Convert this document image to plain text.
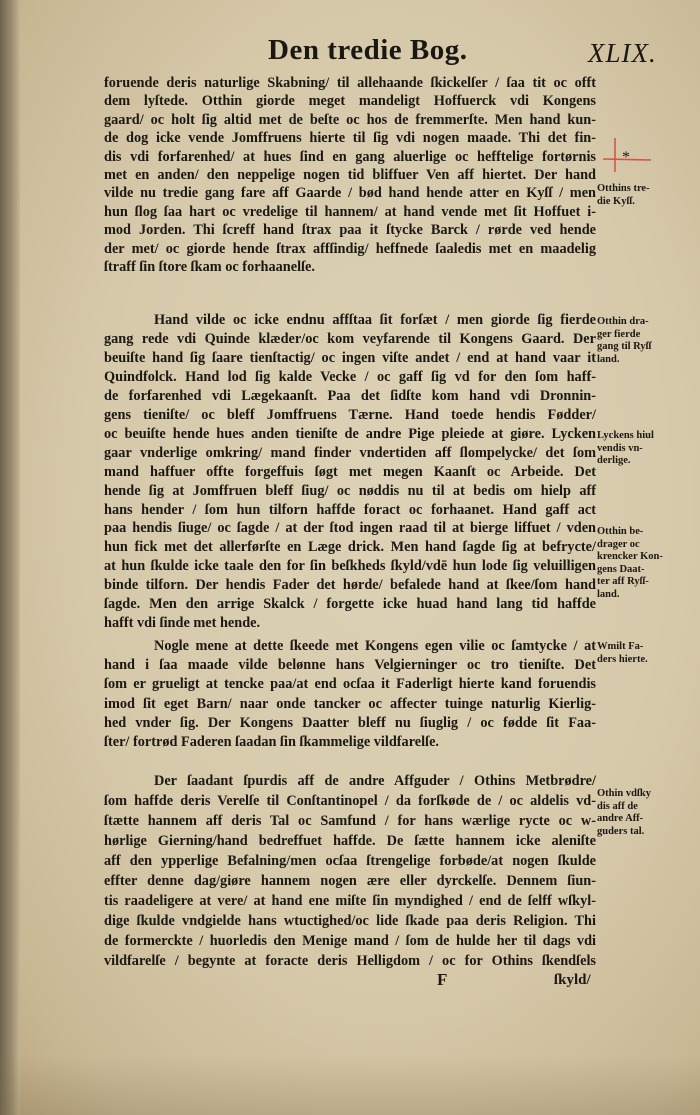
Den tredie Bog.	XLIX.
foruende deris naturlige Skabning/ til allehaande ſkickelſer / ſaa tit oc offt
dem lyſtede. Otthin giorde meget mandeligt Hoffuerck vdi Kongens
gaard/ oc holt ſig altid met de beſte oc hos de fremmerſte. Men hand kun-
de dog icke vende Jomffruens hierte til ſig vdi nogen maade. Thi det fin-
dis vdi forfarenhed/ at hues ſind en gang aluerlige oc hefftelige fortørnis
met en anden/ den neppelige nogen tid bliffuer Ven aff hiertet. Der hand
vilde nu tredie gang fare aff Gaarde / bød hand hende atter en Kyſſ / men
hun ſlog ſaa hart oc vredelige til hannem/ at hand vende met ſit Hoffuet i-
mod Jorden. Thi ſcreff hand ſtrax paa it ſtycke Barck / rørde ved hende
der met/ oc giorde hende ſtrax affſindig/ heffnede ſaaledis met en maadelig
ſtraff ſin ſtore ſkam oc forhaanelſe.
Hand vilde oc icke endnu affſtaa ſit forſæt / men giorde ſig fierde
gang rede vdi Quinde klæder/oc kom veyfarende til Kongens Gaard. Der
beuiſte hand ſig ſaare tienſtactig/ oc ingen viſte andet / end at hand vaar it
Quindfolck. Hand lod ſig kalde Vecke / oc gaff ſig vd for den ſom haff-
de forfarenhed vdi Lægekaanſt. Paa det ſidſte kom hand vdi Dronnin-
gens tieniſte/ oc bleff Jomffruens Tærne. Hand toede hendis Fødder/
oc beuiſte hende hues anden tieniſte de andre Pige pleiede at giøre. Lycken
gaar vnderlige omkring/ mand finder vndertiden aff ſlompelycke/ det ſom
mand haffuer offte forgeffuis ſøgt met megen Kaanſt oc Arbeide. Det
hende ſig at Jomffruen bleff ſiug/ oc nøddis nu til at bedis om hielp aff
hans hender / ſom hun tilforn haffde foract oc forhaanet. Hand gaff act
paa hendis ſiuge/ oc ſagde / at der ſtod ingen raad til at bierge liffuet / vden
hun fick met det allerførſte en Læge drick. Men hand ſagde ſig at befrycte/
at hun ſkulde icke taale den for ſin beſkheds ſkyld/vdē hun lode ſig veluilligen
binde tilforn. Der hendis Fader det hørde/ befalede hand at ſkee/ſom hand
ſagde. Men den arrige Skalck / forgette icke huad hand lang tid haffde
hafft vdi ſinde met hende.
Nogle mene at dette ſkeede met Kongens egen vilie oc ſamtycke / at
hand i ſaa maade vilde belønne hans Velgierninger oc tro tieniſte. Det
ſom er grueligt at tencke paa/at end ocſaa it Faderligt hierte kand foruendis
imod ſit eget Barn/ naar onde tancker oc affecter tuinge naturlig Kierlig-
hed vnder ſig. Der Kongens Daatter bleff nu ſiuglig / oc fødde ſit Faa-
ſter/ fortrød Faderen ſaadan ſin ſkammelige vildfarelſe.
Der ſaadant ſpurdis aff de andre Affguder / Othins Metbrødre/
ſom haffde deris Verelſe til Conſtantinopel / da forſkøde de / oc aldelis vd-
ſtætte hannem aff deris Tal oc Samfund / for hans wærlige rycte oc w-
hørlige Gierning/hand bedreffuet haffde. De ſætte hannem icke aleniſte
aff den ypperlige Befalning/men ocſaa ſtrengelige forbøde/at nogen ſkulde
effter denne dag/giøre hannem nogen ære eller dyrckelſe. Dennem ſiun-
tis raadeligere at vere/ at hand ene miſte ſin myndighed / end de ſelff wſkyl-
dige ſkulde vndgielde hans wtuctighed/oc lide ſkade paa deris Religion. Thi
de formerckte / huorledis den Menige mand / ſom de hulde her til dags vdi
vildfarelſe / begynte at foracte deris Helligdom / oc for Othins ſkendſels
Otthins tre-
die Kyſſ.
Otthin dra-
ger fierde
gang til Ryſſ
land.
Lyckens hiul
vendis vn-
derlige.
Otthin be-
drager oc
krencker Kon-
gens Daat-
ter aff Ryſſ-
land.
Wmilt Fa-
ders hierte.
Othin vdſky
dis aff de
andre Aff-
guders tal.
*
F	ſkyld/
